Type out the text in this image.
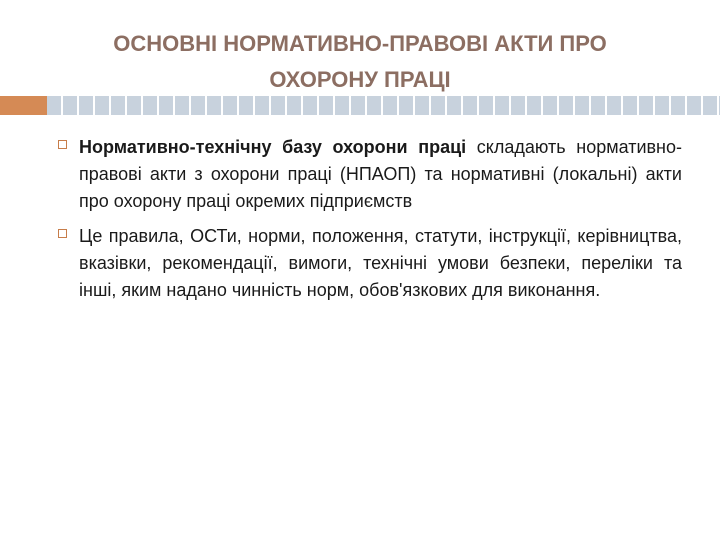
ОСНОВНІ НОРМАТИВНО-ПРАВОВІ АКТИ ПРО ОХОРОНУ ПРАЦІ
Нормативно-технічну базу охорони праці складають нормативно-правові акти з охорони праці (НПАОП) та нормативні (локальні) акти про охорону праці окремих підприємств
Це правила, ОСТи, норми, положення, статути, інструкції, керівництва, вказівки, рекомендації, вимоги, технічні умови безпеки, переліки та інші, яким надано чинність норм, обов'язкових для виконання.
